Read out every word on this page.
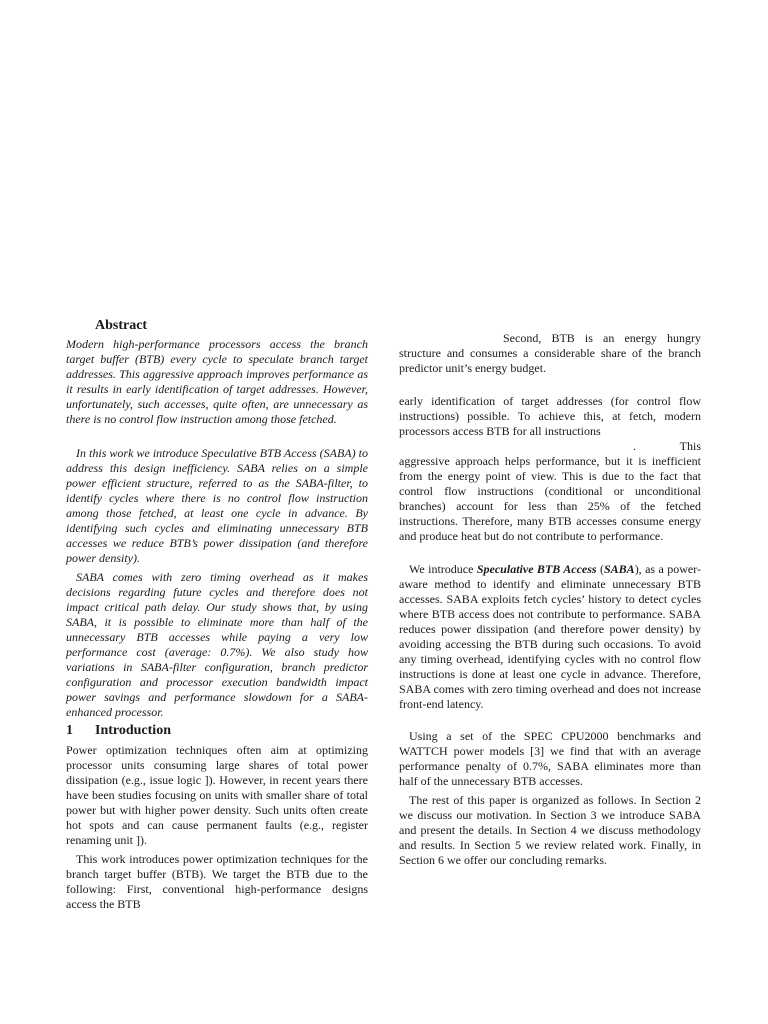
Abstract

Modern high-performance processors access the branch target buffer (BTB) every cycle to speculate branch target addresses. This aggressive approach improves performance as it results in early identification of target addresses. However, unfortunately, such accesses, quite often, are unnecessary as there is no control flow instruction among those fetched.

In this work we introduce Speculative BTB Access (SABA) to address this design inefficiency. SABA relies on a simple power efficient structure, referred to as the SABA-filter, to identify cycles where there is no control flow instruction among those fetched, at least one cycle in advance. By identifying such cycles and eliminating unnecessary BTB accesses we reduce BTB’s power dissipation (and therefore power density).

SABA comes with zero timing overhead as it makes decisions regarding future cycles and therefore does not impact critical path delay. Our study shows that, by using SABA, it is possible to eliminate more than half of the unnecessary BTB accesses while paying a very low performance cost (average: 0.7%). We also study how variations in SABA-filter configuration, branch predictor configuration and processor execution bandwidth impact power savings and performance slowdown for a SABA-enhanced processor.

1 Introduction

Power optimization techniques often aim at optimizing processor units consuming large shares of total power dissipation (e.g., issue logic ]). However, in recent years there have been studies focusing on units with smaller share of total power but with higher power density. Such units often create hot spots and can cause permanent faults (e.g., register renaming unit ]).

This work introduces power optimization techniques for the branch target buffer (BTB). We target the BTB due to the following: First, conventional high-performance designs access the BTB

Second, BTB is an energy hungry structure and consumes a considerable share of the branch predictor unit’s energy budget.

early identification of target addresses (for control flow instructions) possible. To achieve this, at fetch, modern processors access BTB for all instructions

. This aggressive approach helps performance, but it is inefficient from the energy point of view. This is due to the fact that control flow instructions (conditional or unconditional branches) account for less than 25% of the fetched instructions. Therefore, many BTB accesses consume energy and produce heat but do not contribute to performance.

We introduce Speculative BTB Access (SABA), as a power-aware method to identify and eliminate unnecessary BTB accesses. SABA exploits fetch cycles’ history to detect cycles where BTB access does not contribute to performance. SABA reduces power dissipation (and therefore power density) by avoiding accessing the BTB during such occasions. To avoid any timing overhead, identifying cycles with no control flow instructions is done at least one cycle in advance. Therefore, SABA comes with zero timing overhead and does not increase front-end latency.

Using a set of the SPEC CPU2000 benchmarks and WATTCH power models [3] we find that with an average performance penalty of 0.7%, SABA eliminates more than half of the unnecessary BTB accesses.

The rest of this paper is organized as follows. In Section 2 we discuss our motivation. In Section 3 we introduce SABA and present the details. In Section 4 we discuss methodology and results. In Section 5 we review related work. Finally, in Section 6 we offer our concluding remarks.
